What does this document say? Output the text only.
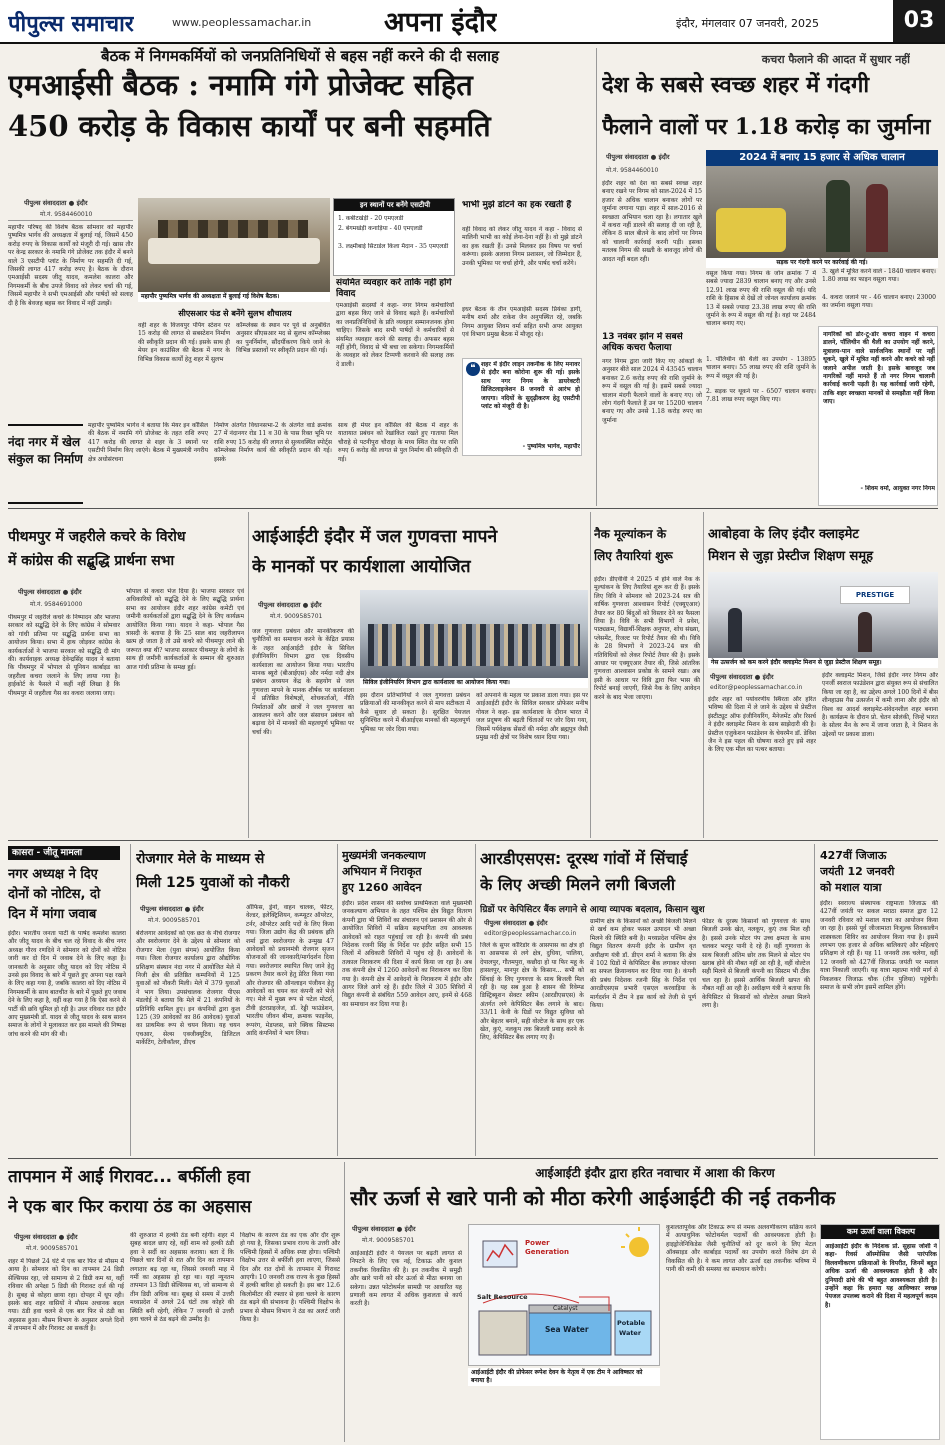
पीपुल्स समाचार	www.peoplessamachar.in	अपना इंदौर	इंदौर, मंगलवार 07 जनवरी, 2025	03
बैठक में निगमकर्मियों को जनप्रतिनिधियों से बहस नहीं करने की दी सलाह
एमआईसी बैठक : नमामि गंगे प्रोजेक्ट सहित
450 करोड़ के विकास कार्यों पर बनी सहमति
पीपुल्स संवाददाता ● इंदौर
मो.नं. 9584460010
महापौर परिषद् की विशेष बैठक सोमवार को महापौर पुष्यमित्र भार्गव की अध्यक्षता में बुलाई गई, जिसमें 450 करोड़ रुपए के विकास कार्यों को मंजूरी दी गई। खास तौर पर केन्द्र सरकार के नमामि गंगे प्रोजेक्ट तक इंदौर में बनने वाले 3 एसटीपी प्लांट के निर्माण पर सहमति दी गई, जिसकी लागत 417 करोड़ रुपए है। बैठक के दौरान एमआईसी सदस्य जीतू यादव, कमलेश कालरा और निगमकर्मी के बीच उपजे विवाद को लेकर चर्चा की गई, जिसमें महापौर ने सभी एमआईसी और पार्षदों को सलाह दी है कि बेवजह बहस कर विवाद में नहीं उलझें।
महापौर पुष्यमित्र भार्गव की अध्यक्षता में बुलाई गई विशेष बैठक।
सीएसआर फंड से बनेंगे सुलभ शौचालय
वहीं शहर के विजयपुर पंपिंग स्टेशन पर 15 करोड़ की लागत से सबस्टेशन निर्माण की स्वीकृति प्रदान की गई। इसके साथ ही मेयर इन काउंसिल की बैठक में नगर के विभिन्न विकास कार्यों हेतु शहर में सुलभ
कॉम्प्लेक्स के स्थान पर पूर्व से अनुबंधित अनुसार सीएसआर मद से सुलभ कॉम्प्लेक्स का पुनर्निर्माण, सौंदर्यीकरण किये जाने के विभिन्न प्रस्तावों पर स्वीकृति प्रदान की गई।
इन स्थानों पर बनेंगे एसटीपी
1. कबीटखेड़ी - 20 एमएलडी
2. बेगमखेड़ी कनाड़िया - 40 एमएलडी
3. लक्ष्मीबाई सिटाडेल किला मैदान - 35 एमएलडी
संयमित व्यवहार करें ताकि नहीं होंगे विवाद
एमआईसी सदस्यों ने कहा- नगर निगम कर्मचारियों द्वारा बहस किए जाने से विवाद बढ़ते हैं। कर्मचारियों का जनप्रतिनिधियों के प्रति व्यवहार सम्मानजनक होना चाहिए। जिसके बाद सभी पार्षदों ने कर्मचारियों से संयमित व्यवहार करने की सलाह दी। अफसर बहस नहीं होंगी, विवाद से भी बचा जा सकेगा। निगमकर्मियों के व्यवहार को लेकर टिप्पणी करवाने की सलाह तक दे डाली।
भाभी मुझे डांटने का हक रखती हैं
वहीं विवाद को लेकर जीतू यादव ने कहा - विवाद से मालिनी भाभी का कोई लेना-देना नहीं है। वो मुझे डांटने का हक रखती हैं। उनसे मिलकर इस विषय पर चर्चा करूंगा। इसके अलावा निगम प्रशासन, जो जिम्मेदार हैं, उनकी भूमिका पर चर्चा होगी, और पार्षद चर्चा करेंगे।
इधर बैठक के तीन एमआईसी सदस्य प्रियंका ड़ागी, मनीष शर्मा और राकेश जैन अनुपस्थित रहे, जबकि निगम आयुक्त शिवम वर्मा सहित सभी अपर आयुक्त एवं विभाग प्रमुख बैठक में मौजूद रहे।
❝ शहर में इंदौर लाइन तकनीक के लिए मनावर से इंदौर बना कोरोना शुरू की गई। इसके साथ नगर निगम के डायरेक्टरी डिजिटलाइजेशन 8 जनवरी से आरंभ हो जाएगा। नदियों के सुदृढ़ीकरण हेतु एसटीपी प्लांट को मंजूरी दी है।
- पुष्यमित्र भार्गव, महापौर
नंदा नगर में खेल संकुल का निर्माण
महापौर पुष्यमित्र भार्गव ने बताया कि मेयर इन कौंसिल की बैठक में नमामि गंगे प्रोजेक्ट के तहत राशि रुपए 417 करोड़ की लागत से शहर के 3 स्थानों पर एसटीपी निर्माण किए जाएंगे। बैठक में मुख्यमंत्री नगरीय क्षेत्र अधोसंरचना
निर्माण अंतर्गत विधानसभा-2 के अंतर्गत वार्ड क्रमांक 27 में नंदानगर रोड 11 व 30 के पास रिक्त भूमि पर राशि रुपए 15 करोड़ की लागत से सुव्यवस्थित स्पोर्ट्स कॉम्प्लेक्स निर्माण कार्य की स्वीकृति प्रदान की गई। इसके
साथ ही मेयर इन कौंसिल की बैठक में शहर के यातायात प्रबंधन को रेखांकित रखते हुए गाताया मिल चौराहे से पटनीपुरा चौराहा के मध्य स्थित रोड पर राशि रुपए 6 करोड़ की लागत से पुल निर्माण की स्वीकृति दी गई।
कचरा फैलाने की आदत में सुधार नहीं
देश के सबसे स्वच्छ शहर में गंदगी
फैलाने वालों पर 1.18 करोड़ का जुर्माना
पीपुल्स संवाददाता ● इंदौर
मो.नं. 9584460010
इंदौर शहर को देश का सबसे स्वच्छ शहर बनाए रखने पर निगम को साल-2024 में 15 हजार से अधिक चालान बनाकर लोगों पर जुर्माना लगाना पड़ा। शहर में साल-2016 से स्वच्छता अभियान चला रहा है। लगातार खुले में कचरा नहीं डालने की सलाह दी जा रही है, लेकिन 8 साल बीतने के बाद लोगों पर निगम को चालानी कार्रवाई करनी पड़ी। इसका मतलब निगम की सख्ती के बावजूद लोगों की आदत नहीं बदल रही।
13 नवंबर झोन में सबसे अधिक कचरा फैलाया
नगर निगम द्वारा जारी किए गए आंकड़ों के अनुसार बीते साल 2024 में 43545 चालान बनाकर 2.6 करोड़ रुपए की राशि जुर्माने के रूप में वसूल की गई है। इसमें सबसे ज्यादा चालान मंदगी फैलाने वालों के बनाए गए। जो लोग गंदगी फैलाते हैं उन पर 15200 चालान बनाए गए और उनसे 1.18 करोड़ रुपए का जुर्माना
2024 में बनाए 15 हजार से अधिक चालान
सड़क पर गंदगी करने पर कार्रवाई की गई।
वसूल किया गया। निगम के जोन क्रमांक 7 में सबसे ज्यादा 2839 चालान बनाए गए और उनसे 12.91 लाख रुपए की राशि वसूल की गई। यदि राशि के हिसाब से देखें तो जोनल कार्यालय क्रमांक 13 में सबसे ज्यादा 23.38 लाख रुपए की राशि जुर्माने के रूप में वसूल की गई है। वहां पर 2484 चालान बनाए गए।
1. पॉलिथीन की थैली का उपयोग - 13895 चालान बनाए। 55 लाख रुपए की राशि जुर्माने के रूप में वसूल की गई है।
2. सड़क पर थूकने पर - 6507 चालान बनाए। 7.81 लाख रुपए वसूल किए गए।
3. खुले में मूत्रित करने वाले - 1840 चालान बनाए। 1.80 लाख का फाइन वसूला गया।
4. कचरा जलाने पर - 46 चालान बनाए। 23000 का जर्माना वसूला गया।
नागरिकों को डोर-टू-डोर कचरा वाहन में कचरा डालने, पॉलिथीन की थैली का उपयोग नहीं करने, मूत्रालय-पान वाले सार्वजनिक स्थानों पर नहीं थूकने, खुले में मूत्रित नहीं करने और कचरे को नहीं जलाने अपील जाती है। इसके बावजूद जब नागरिकों नहीं मानते हैं तो नगर निगम चालानी कार्रवाई करनी पड़ती है। यह कार्रवाई जारी रहेगी, ताकि शहर स्वच्छता मानकों से समझौता नहीं किया जाए।
- शिवम वर्मा, आयुक्त नगर निगम
पीथमपुर में जहरीले कचरे के विरोध
में कांग्रेस की सद्बुद्धि प्रार्थना सभा
पीपुल्स संवाददाता ● इंदौर
मो.नं. 9584691000
पीथमपुर में जहरीले कचरे के निष्पादन और भाजपा सरकार को सद्बुद्धि देने के लिए कांग्रेस ने सोमवार को गांधी प्रतिमा पर सद्बुद्धि प्रार्थना सभा का आयोजन किया। सभा में हाथ जोड़कर कांग्रेस के कार्यकर्ताओं ने भाजपा सरकार को सद्बुद्धि दी मांग की। कार्यवाहक अध्यक्ष देवेन्द्रसिंह यादव ने बताया कि पीथमपुर में भोपाल से यूनियन कार्बाइड का जहरीला कचरा जलाने के लिए लाया गया है। हाईकोर्ट के फैसले में कहीं नहीं लिखा है कि पीथमपुर में जहरीला गैस का कचरा जलाया जाए।
भोपाल से कचरा भेज दिया है। भाजपा सरकार एवं अधिकारियों को सद्बुद्धि देने के लिए सद्बुद्धि प्रार्थना सभा का आयोजन इंदौर शहर कांग्रेस कमेटी एवं जमीनी कार्यकर्ताओं द्वारा सद्बुद्धि देने के लिए कार्यक्रम आयोजित किया गया। यादव ने कहा- भोपाल गैस त्रासदी के बताया है कि 25 साल बाद जहरीलापन खत्म हो जाता है तो उसे कचरे को पीथमपुर लाने की जरूरत क्या थी? भाजपा सरकार पीथमपुर के लोगों के साथ ही जमीनी कार्यकर्ताओं के सम्मान की शुरुआत आज गांधी प्रतिमा के समक्ष हुई।
आईआईटी इंदौर में जल गुणवत्ता मापने
के मानकों पर कार्यशाला आयोजित
पीपुल्स संवाददाता ● इंदौर
मो.नं. 9009585701
जल गुणवत्ता प्रबंधन और मानकीकरण की चुनौतियों का समाधान करने के केंद्रित प्रयास के तहत आईआईटी इंदौर के सिविल इंजीनियरिंग विभाग द्वारा एक दिवसीय कार्यशाला का आयोजन किया गया। भारतीय मानक ब्यूरो (बीआईएस) और नर्मदा नदी क्षेत्र प्रबंधन अध्ययन केंद्र के सहयोग से जल गुणवत्ता मापने के मानक शीर्षक पर कार्यशाला में प्रतिष्ठित विशेषज्ञों, शोधकर्ताओं, नीति निर्माताओं और छात्रों ने जल गुणवत्ता का आकलन करने और जल संसाधन प्रबंधन को बढ़ावा देने में मानकों की महत्वपूर्ण भूमिका पर चर्चा की।
सिविल इंजीनियरिंग विभाग द्वारा कार्यशाला का आयोजन किया गया।
इस दौरान प्रतिभागियों ने जल गुणवत्ता प्रबंधन प्रक्रियाओं की मानकीकृत करने से माप सटीकता में कैसे सुधार हो सकता है। सुरक्षित पेयजल सुनिश्चित करने में बीआईएस मानकों की महत्वपूर्ण भूमिका पर जोर दिया गया।
को अपनाने के महत्व पर प्रकाश डाला गया। इस पर आईआईटी इंदौर के सिविल सरकार प्रोफेसर मनीष गोयल ने कहा- इस कार्यशाला के दौरान भारत में जल प्रदूषण की बढ़ती चिंताओं पर जोर दिया गया, जिसमें पर्यवेक्षक सेंसरों की नर्मदा और ब्रह्मपुत्र जैसी प्रमुख नदी क्षेत्रों पर विशेष ध्यान दिया गया।
नैक मूल्यांकन के
लिए तैयारियां शुरू
इंदौर। डीएवीवी ने 2025 में होने वाले नैक के मूल्यांकन के लिए तैयारियां शुरू कर दी हैं। इसके लिए विवि ने सोमवार को 2023-24 सत्र की वार्षिक गुणवत्ता आश्वासन रिपोर्ट (एक्यूएआर) तैयार कर 80 बिंदुओं को विस्तार देने का फैसला लिया है। विवि के सभी विभागों ने प्रवेश, पाठ्यक्रम, विद्यार्थी-शिक्षक अनुपात, शोध संख्या, प्लेसमेंट, रिजल्ट पर रिपोर्ट तैयार की थी। विवि के 28 विभागों ने 2023-24 सत्र की गतिविधियों को लेकर रिपोर्ट तैयार की है। इसके आधार पर एक्यूएआर तैयार की, जिसे आंतरिक गुणवत्ता आश्वासन प्रकोष्ठ के सामने रखा। अब इसी के आधार पर विवि द्वारा फिर भास की रिपोर्ट बनाई जाएगी, जिसे नैक के लिए आवेदन करने के बाद भेजा जाएगा।
आबोहवा के लिए इंदौर क्लाइमेट
मिशन से जुड़ा प्रेस्टीज शिक्षण समूह
PRESTIGE
गेस उत्सर्जन को कम करने इंदौर क्लाइमेट मिशन से जुड़ा प्रेस्टीज शिक्षण समूह।
पीपुल्स संवाददाता ● इंदौर
editor@peoplessamachar.co.in
इंदौर शहर को पर्यावरणीय स्थिरता और हरित भविष्य की दिशा में ले जाने के उद्देश्य से प्रेस्टीज इंस्टीट्यूट ऑफ इंजीनियरिंग, मैनेजमेंट और रिसर्च ने इंदौर क्लाइमेट मिशन के साथ साझेदारी की है। प्रेस्टीज एजुकेशन फाउंडेशन के चेयरमैन डॉ. डेविश जैन ने इस पहल की घोषणा करते हुए इसे शहर के लिए एक मील का पत्थर बताया।
इंदौर क्लाइमेट मिशन, जिसे इंदौर नगर निगम और एनर्जी स्वराज फाउंडेशन द्वारा संयुक्त रूप से संचालित किया जा रहा है, का उद्देश्य अगले 100 दिनों में बीस शीनहाउस गैस उत्सर्जन में कमी लाना और इंदौर को विश्व का आदर्श क्लाइमेट-संवेदनशील शहर बनाना है। कार्यक्रम के दौरान प्रो. चेतन सोलंकी, जिन्हें भारत के सोलर मैन के रूप में जाना जाता है, ने मिशन के उद्देश्यों पर प्रकाश डाला।
कासरा - जीतू मामला
नगर अध्यक्ष ने दिए
दोनों को नोटिस, दो
दिन में मांगा जवाब
इंदौर। भारतीय जनता पार्टी के पार्षद कमलेश कालरा और जीतू यादव के बीच चल रहे विवाद के बीच नगर अध्यक्ष गौरव रणदिवे ने सोमवार को दोनों को नोटिस जारी कर दो दिन में जवाब देने के लिए कहा है। जानकारी के अनुसार जीतू यादव को दिए नोटिस में उनसे इस विवाद के बारे में पूछते हुए अपना पक्ष रखने के लिए कहा गया है, जबकि कालरा को दिए नोटिस में निगमकर्मी के साथ बातचीत के बारे में पूछते हुए जवाब देने के लिए कहा है, वहीं कहा गया है कि ऐसा करने से पार्टी की छवि धूमिल हो रही है। उधर रविवार रात इंदौर आए मुख्यमंत्री डॉ. यादव से जीतू यादव के साथ सावन समाज के लोगों ने मुलाकात कर इस मामले की निष्पक्ष जांच करने की मांग की थी।
रोजगार मेले के माध्यम से
मिली 125 युवाओं को नौकरी
पीपुल्स संवाददाता ● इंदौर
मो.नं. 9009585701
बेरोजगार आवेदकों को एक छत के नीचे रोजगार और स्वरोजगार देने के उद्देश्य से सोमवार को रोजगार मेला (युवा संगम) आयोजित किया गया। जिला रोजगार कार्यालय द्वारा औद्योगिक प्रशिक्षण संस्थान नंदा नगर में आयोजित मेले में निजी क्षेत्र की प्रतिष्ठित कम्पनियों में 125 युवाओं को नौकरी मिली। मेले में 379 युवाओं ने भाग लिया। उपसंचालक रोजगार पीएस मंडलोई ने बताया कि मेले में 21 कंपनियों के प्रतिनिधि शामिल हुए। इन कंपनियों द्वारा कुल 125 (39 आवेदकों का 86 आवेदक) युवाओं का प्राथमिक रूप से चयन किया। यह चयन एचआर, सेल्स एक्जीक्यूटिव, डिजिटल मार्केटिंग, टेलीकॉलर, डीएच
ऑफिस, ड्रेनो, वाहन चालक, फीटर, वेल्डर, इलेक्ट्रिशियन, कम्प्यूटर ऑपरेटर, टर्नर, ऑपरेटर आदि पदों के लिए किया गया। जिला उद्योग केंद्र की प्रबंधक ह्रति शर्मा द्वारा स्वरोजगार के उन्मुख 47 आवेदकों को प्रधानमंत्री रोजगार सृजन योजनाओं की जानकारी/मार्गदर्शन दिया गया। स्वरोजगार स्थापित किए जाने हेतु प्रकरण तैयार करने हेतु प्रेरित किया गया और रोजगार की ऑनलाइन पंजीयन हेतु आवेदकों का चयन कर कंपनी को भेजे गए। मेले में मुख्य रूप से पटेल मोटर्स, टीवी इंटरप्राइजेज, डॉ. रेड्डी फाउंडेशन, भारतीय जीवन बीमा, क्रमाक फाइनेंस, रूपरंग, मेडप्लस, सारे क्विक सिस्टम्स आदि कंपनियों ने भाग लिया।
मुख्यमंत्री जनकल्याण
अभियान में निराकृत
हुए 1260 आवेदन
इंदौर। प्रदेश शासन की सर्वोच्च प्राथमिकता वाले मुख्यमंत्री जनकल्याण अभियान के तहत पश्चिम क्षेत्र विद्युत वितरण कंपनी द्वारा भी शिविरों का संचालन एवं प्रशासन की ओर से आयोजित शिविरों में सक्रिय सहभागिता तय आवश्यक आवेदकों को राहत पहुंचाई जा रही है। कंपनी की प्रबंध निदेशक रजनी सिंह के निर्देश पर इंदौर सहित सभी 15 जिलों में अधिकारी शिविरों में पहुंच रहे हैं। आवेदनों के तत्काल निराकरण की दिशा में कार्य किया जा रहा है। अब तक कंपनी क्षेत्र में 1260 आवेदनों का निराकरण कर दिया गया है। कंपनी क्षेत्र में आवेदनों के निराकरण में इंदौर और आगर जिले आगे रहे हैं। इंदौर जिले में 305 शिविरों में विद्युत कंपनी से संबंधित 559 आवेदन आए, इनमें से 468 का समाधान कर दिया गया है।
आरडीएसएस: दूरस्थ गांवों में सिंचाई
के लिए अच्छी मिलने लगी बिजली
ग्रिडों पर केपिसिटर बैंक लगाने से आया व्यापक बदलाव, किसान खुश
पीपुल्स संवाददाता ● इंदौर
editor@peoplessamachar.co.in
जिले के सुपर कॉरिडोर के आसपास का क्षेत्र हो या आसपास से लगे क्षेत्र, दुधिया, पालिया, देपालपुर, गौतमपुरा, कछौदा हो या फिर महू के हासलपुर, मानपुर क्षेत्र के किसान... सभी को सिंचाई के लिए गुणवत्ता के साथ बिजली मिल रही है। यह सब हुआ है शासन की रिवेम्प्ड डिस्ट्रिब्यूशन सेक्टर स्कीम (आरडीएसएस) के अंतर्गत लगे केपिसिटर बैंक लगाने के बाद। 33/11 केवी के ग्रिडों पर विद्युत सुविधा को और बेहतर बनाने, सही वोल्टेज के साथ हर एक खेत, कुएं, नलकूप तक बिजली प्रवाह करने के लिए, केपिसिटर बैंक लगाए गए हैं।
ग्रामीण क्षेत्र के किसानों को अच्छी बिजली मिलने से खर्च कम होकर फसल उत्पादन भी अच्छा मिलने की स्थिति बनी है। मध्यप्रदेश पश्चिम क्षेत्र विद्युत वितरण कंपनी इंदौर के ग्रामीण वृत अधीक्षण यंत्री डॉ. डीएन शर्मा ने बताया कि क्षेत्र में 102 ग्रिडों में केपिसिटर बैंक लगाकर योजना का सफल क्रियान्वयन कर दिया गया है। कंपनी की प्रबंध निदेशक रजनी सिंह के निर्देश एवं आरडीएसएस प्रभारी एसएल करवाड़िया के मार्गदर्शन में टीम ने इस कार्य को तेजी से पूर्ण किया।
फीडर के दूरस्थ किसानों को गुणवत्ता के साथ बिजली उनके खेत, नलकूप, कुएं तक मिल रही है। इससे उनके मोटर पंप उच्च क्षमता के साथ चलकर भरपूर पानी दे रहे हैं। वहीं गुणवत्ता के साथ बिजली अंतिम छोर तक मिलने से मोटर पंप खराब होने की नौबत नहीं आ रही है, वहीं वोल्टेज सही मिलने से बिजली कंपनी का सिस्टम भी ठीक चल रहा है। इससे आर्थिक बिजली खपत की नौबत नहीं आ रही है। अधीक्षण यंत्री ने बताया कि केपिसिटर से किसानों को वोल्टेज अच्छा मिलने लगा है।
427वीं जिजाऊ
जयंती 12 जनवरी
को मशाल यात्रा
इंदौर। स्वराज्य संस्थापक राष्ट्रमाता जिजाऊ की 427वीं जयंती पर सकल मराठा समाज द्वारा 12 जनवरी रविवार को मशाल यात्रा का आयोजन किया जा रहा है। इससे पूर्व जीजामाता निःशुल्क शिवकालीन शास्त्रकला शिविर का आयोजन किया गया है। इसमें लगभग एक हजार से अधिक बालिकाएं और महिलाएं प्रशिक्षण ले रही हैं। यह 11 जनवरी तक चलेगा, वहीं 12 जनवरी को 427वीं जिजाऊ जयंती पर मशाल यात्रा निकाली जाएगी। यह यात्रा महात्मा गांधी मार्ग से निकलकर जिजाऊ चौक (तीन पुलिया) पहुंचेगी। समाज के सभी लोग इसमें शामिल होंगे।
तापमान में आई गिरावट... बर्फीली हवा
ने एक बार फिर कराया ठंड का अहसास
पीपुल्स संवाददाता ● इंदौर
मो.नं. 9009585701
शहर में पिछले 24 घंटे में एक बार फिर से मौसम में आया है। सोमवार को दिन का तापमान 24 डिग्री सेल्सियस रहा, जो सामान्य से 2 डिग्री कम था, वहीं रविवार की अपेक्षा 5 डिग्री की गिरावट दर्ज की गई है। सुबह से कोहरा छाया रहा। दोपहर में धूप रही। इसके बाद शहर वासियों ने मौसम अचानक बदल गया। ठंडी हवा चलने से एक बार फिर से ठंडी का अहसास हुआ। मौसम विभाग के अनुसार अगले दिनों में तापमान में और गिरावट आ सकती है।
की शुरुआत में हल्की ठंड बनी रहेगी। शहर में सुबह बादल छाए रहे, वहीं शाम को हल्की ठंडी हवा ने सर्दी का अहसास कराया। बता दें कि पिछले चार दिनों से रात और दिन का तापमान लगातार बढ़ रहा था, जिससे जनवरी माह में गर्मी का अहसास हो रहा था। यहां न्यूनतम तापमान 13 डिग्री सेल्सियस था, जो सामान्य से तीन डिग्री अधिक था। सुबह से समय में उत्तरी मध्यप्रदेश में अगले 24 घंटों तक कोहरे की स्थिति बनी रहेगी, लेकिन 7 जनवरी से उत्तरी हवा चलने से ठंड बढ़ने की उम्मीद है।
विक्षोभ के कारण ठंड का एक और दौर शुरू हो गया है, जिसका प्रभाव राज्य के उत्तरी और पश्चिमी हिस्सों में अधिक स्पष्ट होगा। पश्चिमी विक्षोभ उत्तर से बर्फीली हवा लाएगा, जिससे दिन और रात दोनों के तापमान में गिरावट आएगी। 10 जनवरी तक राज्य के कुछ हिस्सों में हल्की बारिश हो सकती है। इस बार 12.6 किलोमीटर की रफ्तार से हवा चलने के कारण ठंड बढ़ने की संभावना है। पश्चिमी विक्षोभ के प्रभाव से मौसम विभाग ने ठंड का अलर्ट जारी किया है।
आईआईटी इंदौर द्वारा हरित नवाचार में आशा की किरण
सौर ऊर्जा से खारे पानी को मीठा करेगी आईआईटी की नई तकनीक
पीपुल्स संवाददाता ● इंदौर
मो.नं. 9009585701
आईआईटी इंदौर ने पेयजल पर बढ़ती लागत से निपटने के लिए एक नई, टिकाऊ और कुशल तकनीक विकसित की है। इन तकनीक में समुद्री और खारे पानी को सौर ऊर्जा से मीठा बनाया जा सकेगा। उन्नत फोटोथर्मल सामग्री पर आधारित यह प्रणाली कम लागत में अधिक कुशलता से कार्य करती है।
Power
Generation
Salt Resource
Catalyst
Sea Water
Potable
Water
आईआईटी इंदौर की प्रोफेसर रूपेश देवन के नेतृत्व में एक टीम ने आविष्कार को बनाया है।
कुशलतापूर्वक और टिकाऊ रूप से नमक अलवणीकरण सक्रिय करने में अत्याधुनिक फोटोथर्मल पदार्थों की आवश्यकता होती है। हाइड्रोजेनिकिडेस जैसी चुनौतियों को दूर करने के लिए मेटल ऑक्साइड और कार्बाइड पदार्थों का उपयोग करते विशेष ढंग से विकसित की है। ये कम लागत और ऊर्जा दक्ष तकनीक भविष्य में पानी की कमी की समस्या का समाधान करेगी।
कम ऊर्जा वाला विकल्प
आईआईटी इंदौर के निदेशक प्रो. सुहास जोशी ने कहा- रिवर्स ऑस्मोसिस जैसी पारंपरिक विलवणीकरण प्रक्रियाओं के विपरीत, जिनमें बहुत अधिक ऊर्जा की आवश्यकता होती है और दुनियादी ढांचे की भी बहुत आवश्यकता होती है। उन्होंने कहा कि हमारा यह आविष्कार स्वच्छ पेयजल उपलब्ध कराने की दिशा में महत्वपूर्ण कदम है।
